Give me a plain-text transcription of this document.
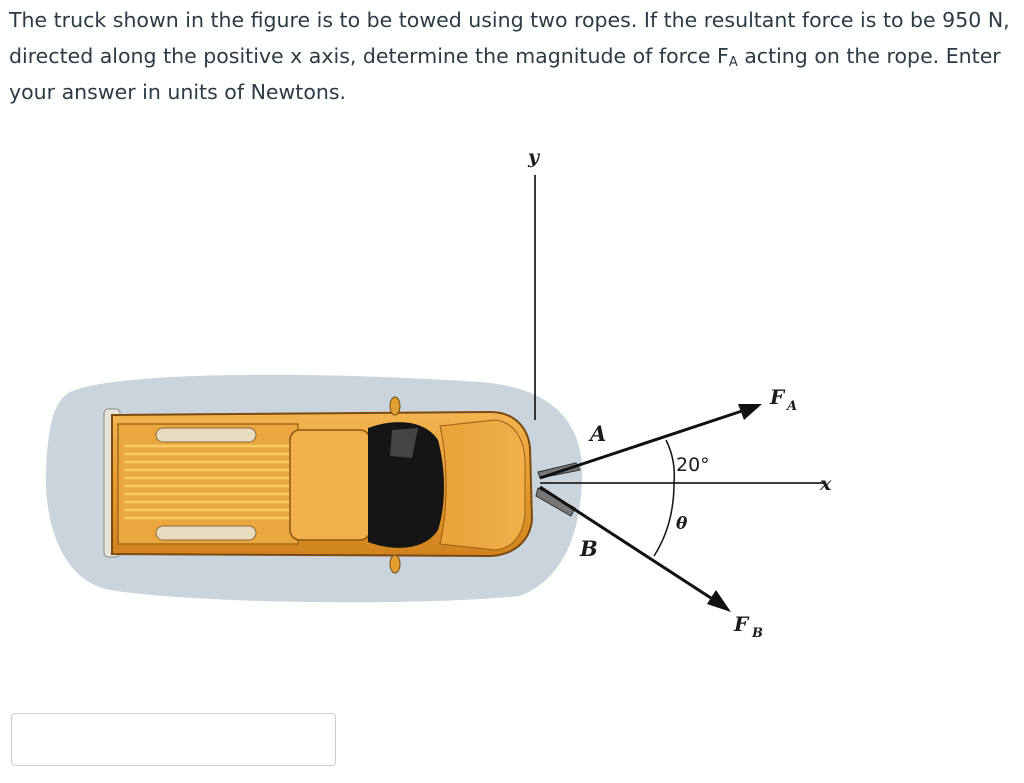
The truck shown in the figure is to be towed using two ropes. If the resultant force is to be 950 N, directed along the positive x axis, determine the magnitude of force $F_A$ acting on the rope. Enter your answer in units of Newtons.

y
x
F A
A
F B
B
20°
θ
